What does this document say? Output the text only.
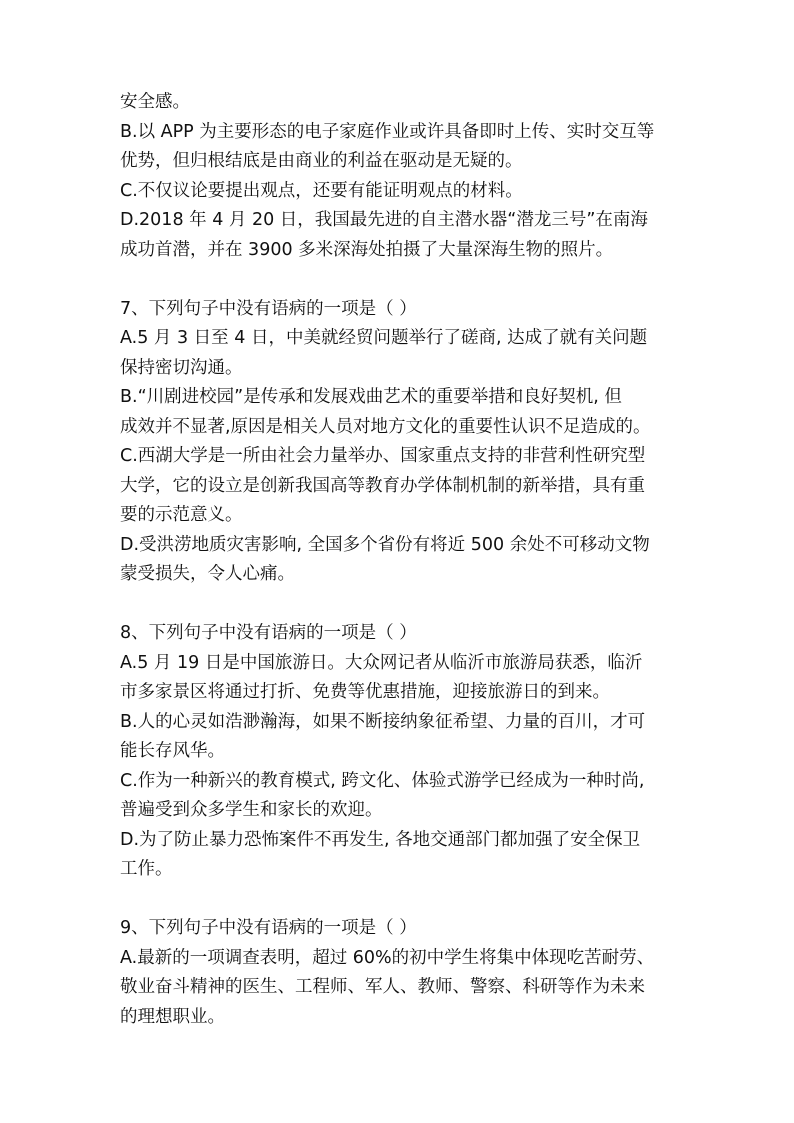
安全感。
B.以 APP 为主要形态的电子家庭作业或许具备即时上传、实时交互等
优势，但归根结底是由商业的利益在驱动是无疑的。
C.不仅议论要提出观点，还要有能证明观点的材料。
D.2018 年 4 月 20 日，我国最先进的自主潜水器“潜龙三号”在南海
成功首潜，并在 3900 多米深海处拍摄了大量深海生物的照片。
7、下列句子中没有语病的一项是（ ）
A.5 月 3 日至 4 日，中美就经贸问题举行了磋商, 达成了就有关问题
保持密切沟通。
B.“川剧进校园”是传承和发展戏曲艺术的重要举措和良好契机, 但
成效并不显著,原因是相关人员对地方文化的重要性认识不足造成的。
C.西湖大学是一所由社会力量举办、国家重点支持的非营利性研究型
大学，它的设立是创新我国高等教育办学体制机制的新举措，具有重
要的示范意义。
D.受洪涝地质灾害影响, 全国多个省份有将近 500 余处不可移动文物
蒙受损失，令人心痛。
8、下列句子中没有语病的一项是（ ）
A.5 月 19 日是中国旅游日。大众网记者从临沂市旅游局获悉，临沂
市多家景区将通过打折、免费等优惠措施，迎接旅游日的到来。
B.人的心灵如浩渺瀚海，如果不断接纳象征希望、力量的百川，才可
能长存风华。
C.作为一种新兴的教育模式, 跨文化、体验式游学已经成为一种时尚,
普遍受到众多学生和家长的欢迎。
D.为了防止暴力恐怖案件不再发生, 各地交通部门都加强了安全保卫
工作。
9、下列句子中没有语病的一项是（ ）
A.最新的一项调查表明，超过 60%的初中学生将集中体现吃苦耐劳、
敬业奋斗精神的医生、工程师、军人、教师、警察、科研等作为未来
的理想职业。
